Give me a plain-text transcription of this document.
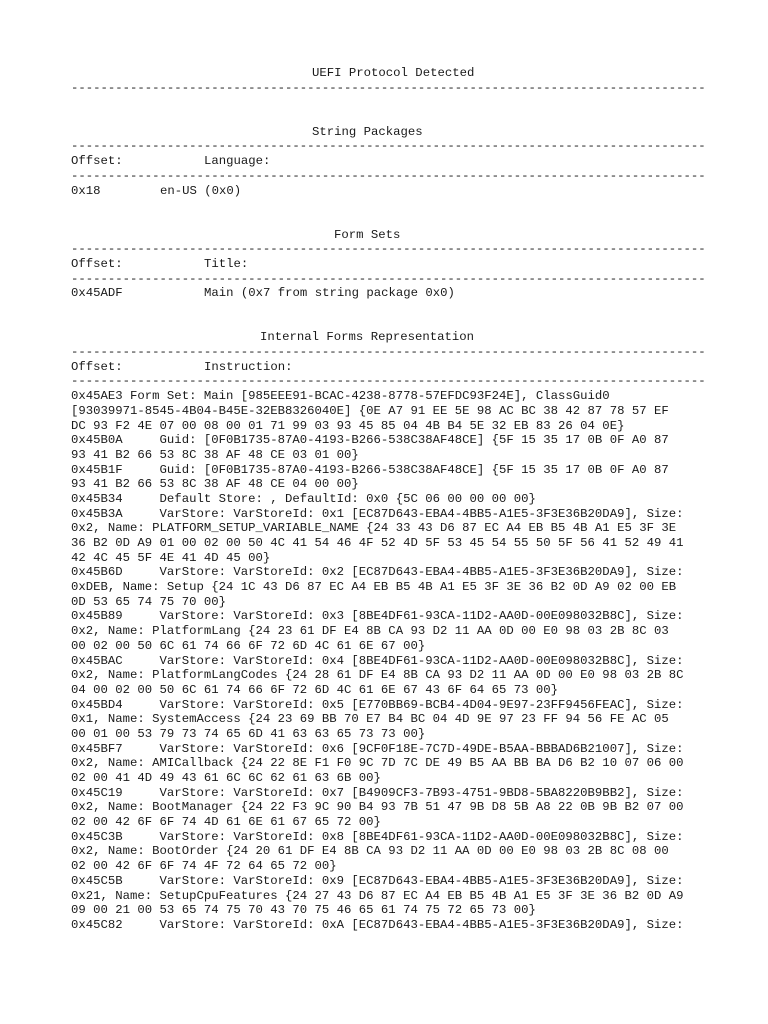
UEFI Protocol Detected
--------------------------------------------------------------------------------------
String Packages
--------------------------------------------------------------------------------------
Offset:	Language:
--------------------------------------------------------------------------------------
0x18	en-US (0x0)
Form Sets
--------------------------------------------------------------------------------------
Offset:	Title:
--------------------------------------------------------------------------------------
0x45ADF	Main (0x7 from string package 0x0)
Internal Forms Representation
--------------------------------------------------------------------------------------
Offset:	Instruction:
--------------------------------------------------------------------------------------
0x45AE3 Form Set: Main [985EEE91-BCAC-4238-8778-57EFDC93F24E], ClassGuid0
[93039971-8545-4B04-B45E-32EB8326040E] {0E A7 91 EE 5E 98 AC BC 38 42 87 78 57 EF
DC 93 F2 4E 07 00 08 00 01 71 99 03 93 45 85 04 4B B4 5E 32 EB 83 26 04 0E}
0x45B0A     Guid: [0F0B1735-87A0-4193-B266-538C38AF48CE] {5F 15 35 17 0B 0F A0 87
93 41 B2 66 53 8C 38 AF 48 CE 03 01 00}
0x45B1F     Guid: [0F0B1735-87A0-4193-B266-538C38AF48CE] {5F 15 35 17 0B 0F A0 87
93 41 B2 66 53 8C 38 AF 48 CE 04 00 00}
0x45B34     Default Store: , DefaultId: 0x0 {5C 06 00 00 00 00}
0x45B3A     VarStore: VarStoreId: 0x1 [EC87D643-EBA4-4BB5-A1E5-3F3E36B20DA9], Size:
0x2, Name: PLATFORM_SETUP_VARIABLE_NAME {24 33 43 D6 87 EC A4 EB B5 4B A1 E5 3F 3E
36 B2 0D A9 01 00 02 00 50 4C 41 54 46 4F 52 4D 5F 53 45 54 55 50 5F 56 41 52 49 41
42 4C 45 5F 4E 41 4D 45 00}
0x45B6D     VarStore: VarStoreId: 0x2 [EC87D643-EBA4-4BB5-A1E5-3F3E36B20DA9], Size:
0xDEB, Name: Setup {24 1C 43 D6 87 EC A4 EB B5 4B A1 E5 3F 3E 36 B2 0D A9 02 00 EB
0D 53 65 74 75 70 00}
0x45B89     VarStore: VarStoreId: 0x3 [8BE4DF61-93CA-11D2-AA0D-00E098032B8C], Size:
0x2, Name: PlatformLang {24 23 61 DF E4 8B CA 93 D2 11 AA 0D 00 E0 98 03 2B 8C 03
00 02 00 50 6C 61 74 66 6F 72 6D 4C 61 6E 67 00}
0x45BAC     VarStore: VarStoreId: 0x4 [8BE4DF61-93CA-11D2-AA0D-00E098032B8C], Size:
0x2, Name: PlatformLangCodes {24 28 61 DF E4 8B CA 93 D2 11 AA 0D 00 E0 98 03 2B 8C
04 00 02 00 50 6C 61 74 66 6F 72 6D 4C 61 6E 67 43 6F 64 65 73 00}
0x45BD4     VarStore: VarStoreId: 0x5 [E770BB69-BCB4-4D04-9E97-23FF9456FEAC], Size:
0x1, Name: SystemAccess {24 23 69 BB 70 E7 B4 BC 04 4D 9E 97 23 FF 94 56 FE AC 05
00 01 00 53 79 73 74 65 6D 41 63 63 65 73 73 00}
0x45BF7     VarStore: VarStoreId: 0x6 [9CF0F18E-7C7D-49DE-B5AA-BBBAD6B21007], Size:
0x2, Name: AMICallback {24 22 8E F1 F0 9C 7D 7C DE 49 B5 AA BB BA D6 B2 10 07 06 00
02 00 41 4D 49 43 61 6C 6C 62 61 63 6B 00}
0x45C19     VarStore: VarStoreId: 0x7 [B4909CF3-7B93-4751-9BD8-5BA8220B9BB2], Size:
0x2, Name: BootManager {24 22 F3 9C 90 B4 93 7B 51 47 9B D8 5B A8 22 0B 9B B2 07 00
02 00 42 6F 6F 74 4D 61 6E 61 67 65 72 00}
0x45C3B     VarStore: VarStoreId: 0x8 [8BE4DF61-93CA-11D2-AA0D-00E098032B8C], Size:
0x2, Name: BootOrder {24 20 61 DF E4 8B CA 93 D2 11 AA 0D 00 E0 98 03 2B 8C 08 00
02 00 42 6F 6F 74 4F 72 64 65 72 00}
0x45C5B     VarStore: VarStoreId: 0x9 [EC87D643-EBA4-4BB5-A1E5-3F3E36B20DA9], Size:
0x21, Name: SetupCpuFeatures {24 27 43 D6 87 EC A4 EB B5 4B A1 E5 3F 3E 36 B2 0D A9
09 00 21 00 53 65 74 75 70 43 70 75 46 65 61 74 75 72 65 73 00}
0x45C82     VarStore: VarStoreId: 0xA [EC87D643-EBA4-4BB5-A1E5-3F3E36B20DA9], Size:
